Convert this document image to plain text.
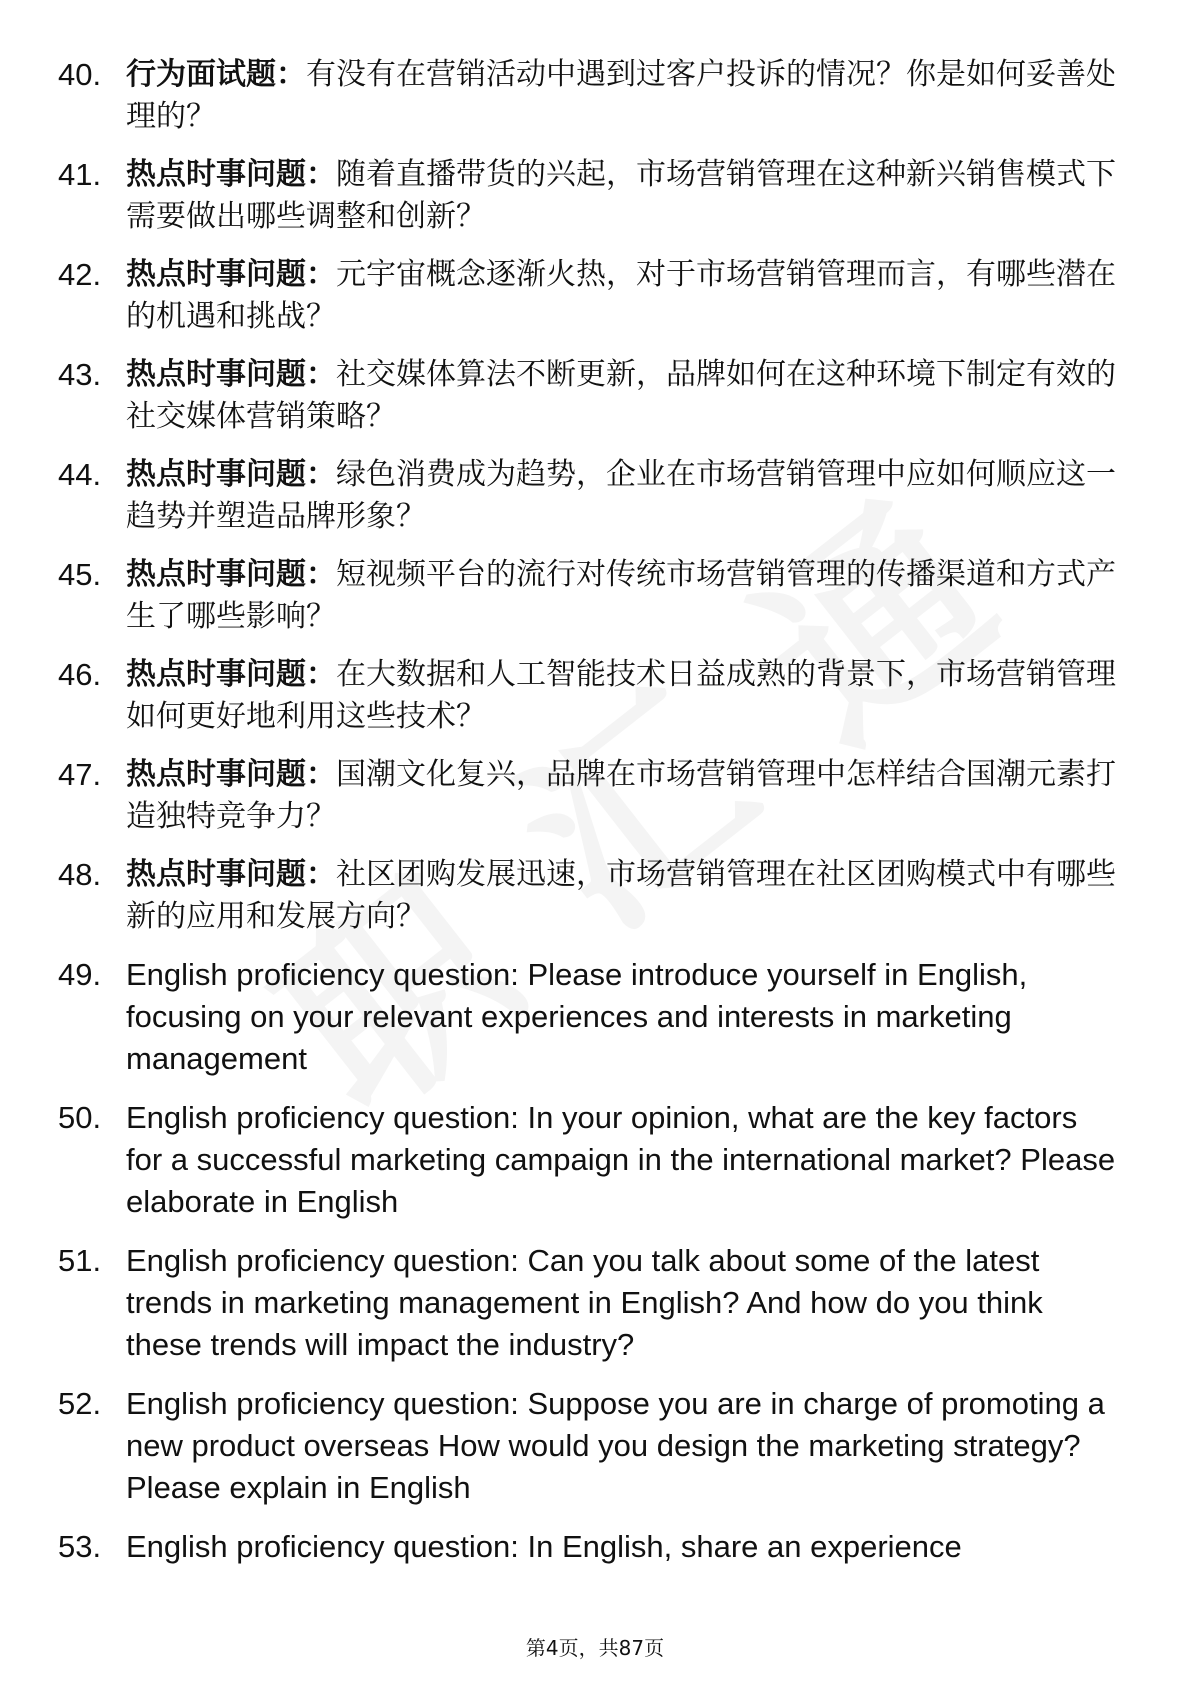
40. 行为面试题：有没有在营销活动中遇到过客户投诉的情况？你是如何妥善处理的？
41. 热点时事问题：随着直播带货的兴起，市场营销管理在这种新兴销售模式下需要做出哪些调整和创新？
42. 热点时事问题：元宇宙概念逐渐火热，对于市场营销管理而言，有哪些潜在的机遇和挑战？
43. 热点时事问题：社交媒体算法不断更新，品牌如何在这种环境下制定有效的社交媒体营销策略？
44. 热点时事问题：绿色消费成为趋势，企业在市场营销管理中应如何顺应这一趋势并塑造品牌形象？
45. 热点时事问题：短视频平台的流行对传统市场营销管理的传播渠道和方式产生了哪些影响？
46. 热点时事问题：在大数据和人工智能技术日益成熟的背景下，市场营销管理如何更好地利用这些技术？
47. 热点时事问题：国潮文化复兴，品牌在市场营销管理中怎样结合国潮元素打造独特竞争力？
48. 热点时事问题：社区团购发展迅速，市场营销管理在社区团购模式中有哪些新的应用和发展方向？
49. English proficiency question: Please introduce yourself in English, focusing on your relevant experiences and interests in marketing management
50. English proficiency question: In your opinion, what are the key factors for a successful marketing campaign in the international market? Please elaborate in English
51. English proficiency question: Can you talk about some of the latest trends in marketing management in English? And how do you think these trends will impact the industry?
52. English proficiency question: Suppose you are in charge of promoting a new product overseas How would you design the marketing strategy? Please explain in English
53. English proficiency question: In English, share an experience
第4页，共87页
